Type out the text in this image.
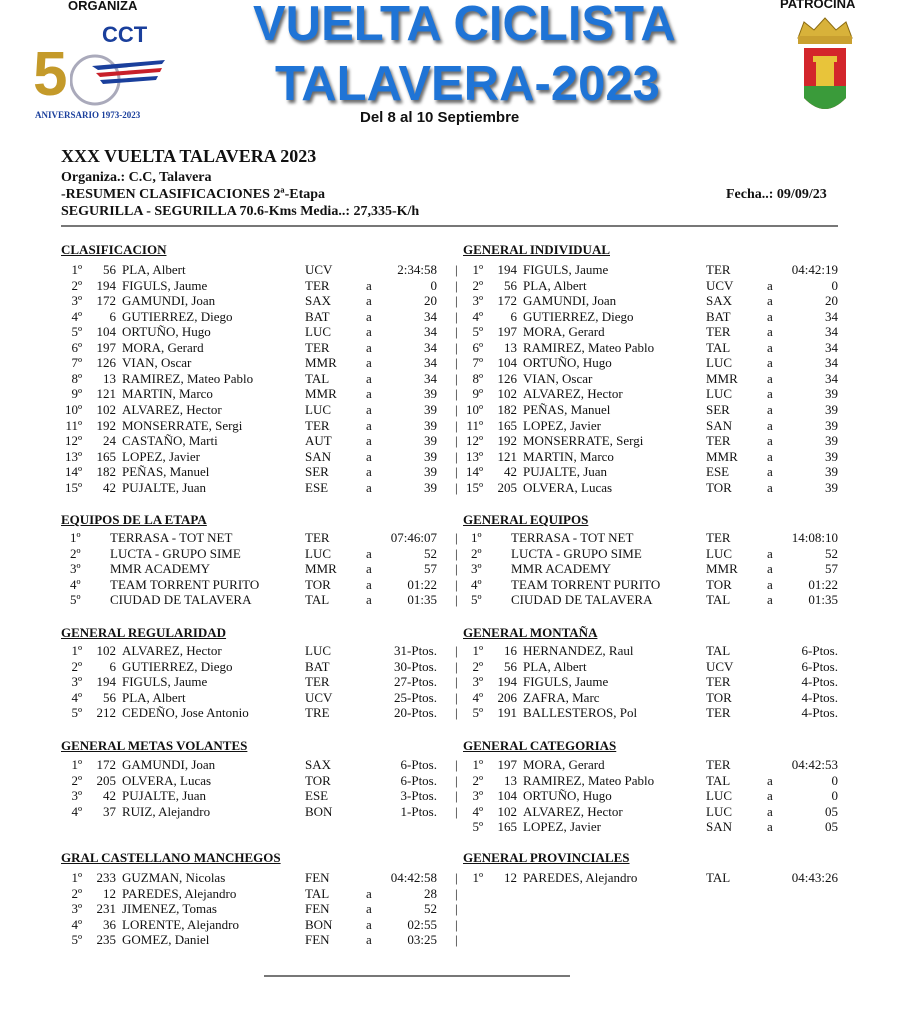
ORGANIZA
CCT
5
ANIVERSARIO 1973-2023
VUELTA CICLISTA
TALAVERA-2023
Del 8 al 10 Septiembre
PATROCINA
XXX VUELTA TALAVERA 2023
Organiza.: C.C, Talavera
-RESUMEN CLASIFICACIONES 2ª-Etapa	Fecha..: 09/09/23
SEGURILLA - SEGURILLA 70.6-Kms Media..: 27,335-K/h
CLASIFICACION	GENERAL INDIVIDUAL
1º	56 PLA, Albert	UCV	2:34:58 |
2º	194 FIGULS, Jaume	TER	a	0 |
3º	172 GAMUNDI, Joan	SAX	a	20 |
4º	6 GUTIERREZ, Diego	BAT	a	34 |
5º	104 ORTUÑO, Hugo	LUC	a	34 |
6º	197 MORA, Gerard	TER	a	34 |
7º	126 VIAN, Oscar	MMR a	34 |
8º	13 RAMIREZ, Mateo Pablo	TAL	a	34 |
9º	121 MARTIN, Marco	MMR a	39 |
10º	102 ALVAREZ, Hector	LUC	a	39 |
11º	192 MONSERRATE, Sergi	TER	a	39 |
12º	24 CASTAÑO, Marti	AUT	a	39 |
13º	165 LOPEZ, Javier	SAN	a	39 |
14º	182 PEÑAS, Manuel	SER	a	39 |
15º	42 PUJALTE, Juan	ESE	a	39 |
1º	194 FIGULS, Jaume	TER	04:42:19
2º	56 PLA, Albert	UCV	a	0
3º	172 GAMUNDI, Joan	SAX	a	20
4º	6 GUTIERREZ, Diego	BAT	a	34
5º	197 MORA, Gerard	TER	a	34
6º	13 RAMIREZ, Mateo Pablo	TAL	a	34
7º	104 ORTUÑO, Hugo	LUC	a	34
8º	126 VIAN, Oscar	MMR a	34
9º	102 ALVAREZ, Hector	LUC	a	39
10º	182 PEÑAS, Manuel	SER	a	39
11º	165 LOPEZ, Javier	SAN	a	39
12º	192 MONSERRATE, Sergi	TER	a	39
13º	121 MARTIN, Marco	MMR a	39
14º	42 PUJALTE, Juan	ESE	a	39
15º	205 OLVERA, Lucas	TOR	a	39
EQUIPOS DE LA ETAPA	GENERAL EQUIPOS
1º TERRASA - TOT NET	TER	07:46:07 |
2º LUCTA - GRUPO SIME	LUC	a	52 |
3º MMR ACADEMY	MMR a	57 |
4º TEAM TORRENT PURITO	TOR	a	01:22 |
5º CIUDAD DE TALAVERA	TAL	a	01:35 |
1º TERRASA - TOT NET	TER	14:08:10
2º LUCTA - GRUPO SIME	LUC	a	52
3º MMR ACADEMY	MMR a	57
4º TEAM TORRENT PURITO	TOR	a	01:22
5º CIUDAD DE TALAVERA	TAL	a	01:35
GENERAL REGULARIDAD	GENERAL MONTAÑA
1º	102 ALVAREZ, Hector	LUC	31-Ptos. |
2º	6 GUTIERREZ, Diego	BAT	30-Ptos. |
3º	194 FIGULS, Jaume	TER	27-Ptos. |
4º	56 PLA, Albert	UCV	25-Ptos. |
5º	212 CEDEÑO, Jose Antonio	TRE	20-Ptos. |
1º	16 HERNANDEZ, Raul	TAL	6-Ptos.
2º	56 PLA, Albert	UCV	6-Ptos.
3º	194 FIGULS, Jaume	TER	4-Ptos.
4º	206 ZAFRA, Marc	TOR	4-Ptos.
5º	191 BALLESTEROS, Pol	TER	4-Ptos.
GENERAL METAS VOLANTES	GENERAL CATEGORIAS
1º	172 GAMUNDI, Joan	SAX	6-Ptos. |
2º	205 OLVERA, Lucas	TOR	6-Ptos. |
3º	42 PUJALTE, Juan	ESE	3-Ptos. |
4º	37 RUIZ, Alejandro	BON	1-Ptos. |
1º	197 MORA, Gerard	TER	04:42:53
2º	13 RAMIREZ, Mateo Pablo	TAL	a	0
3º	104 ORTUÑO, Hugo	LUC	a	0
4º	102 ALVAREZ, Hector	LUC	a	05
5º	165 LOPEZ, Javier	SAN	a	05
GRAL CASTELLANO MANCHEGOS	GENERAL PROVINCIALES
1º	233 GUZMAN, Nicolas	FEN	04:42:58 |
2º	12 PAREDES, Alejandro	TAL	a	28 |
3º	231 JIMENEZ, Tomas	FEN	a	52 |
4º	36 LORENTE, Alejandro	BON	a	02:55 |
5º	235 GOMEZ, Daniel	FEN	a	03:25 |
1º	12 PAREDES, Alejandro	TAL	04:43:26
